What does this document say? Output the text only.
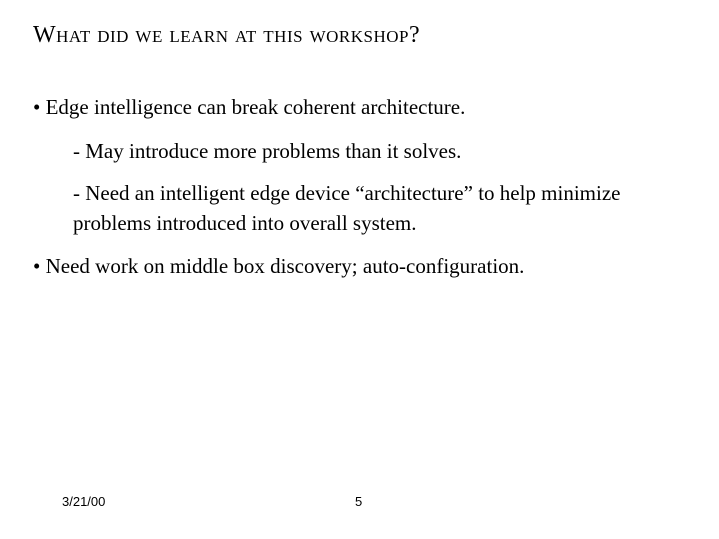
What did we learn at this workshop?
• Edge intelligence can break coherent architecture.
- May introduce more problems than it solves.
- Need an intelligent edge device “architecture” to help minimize problems introduced into overall system.
• Need work on middle box discovery; auto-configuration.
3/21/00	5
